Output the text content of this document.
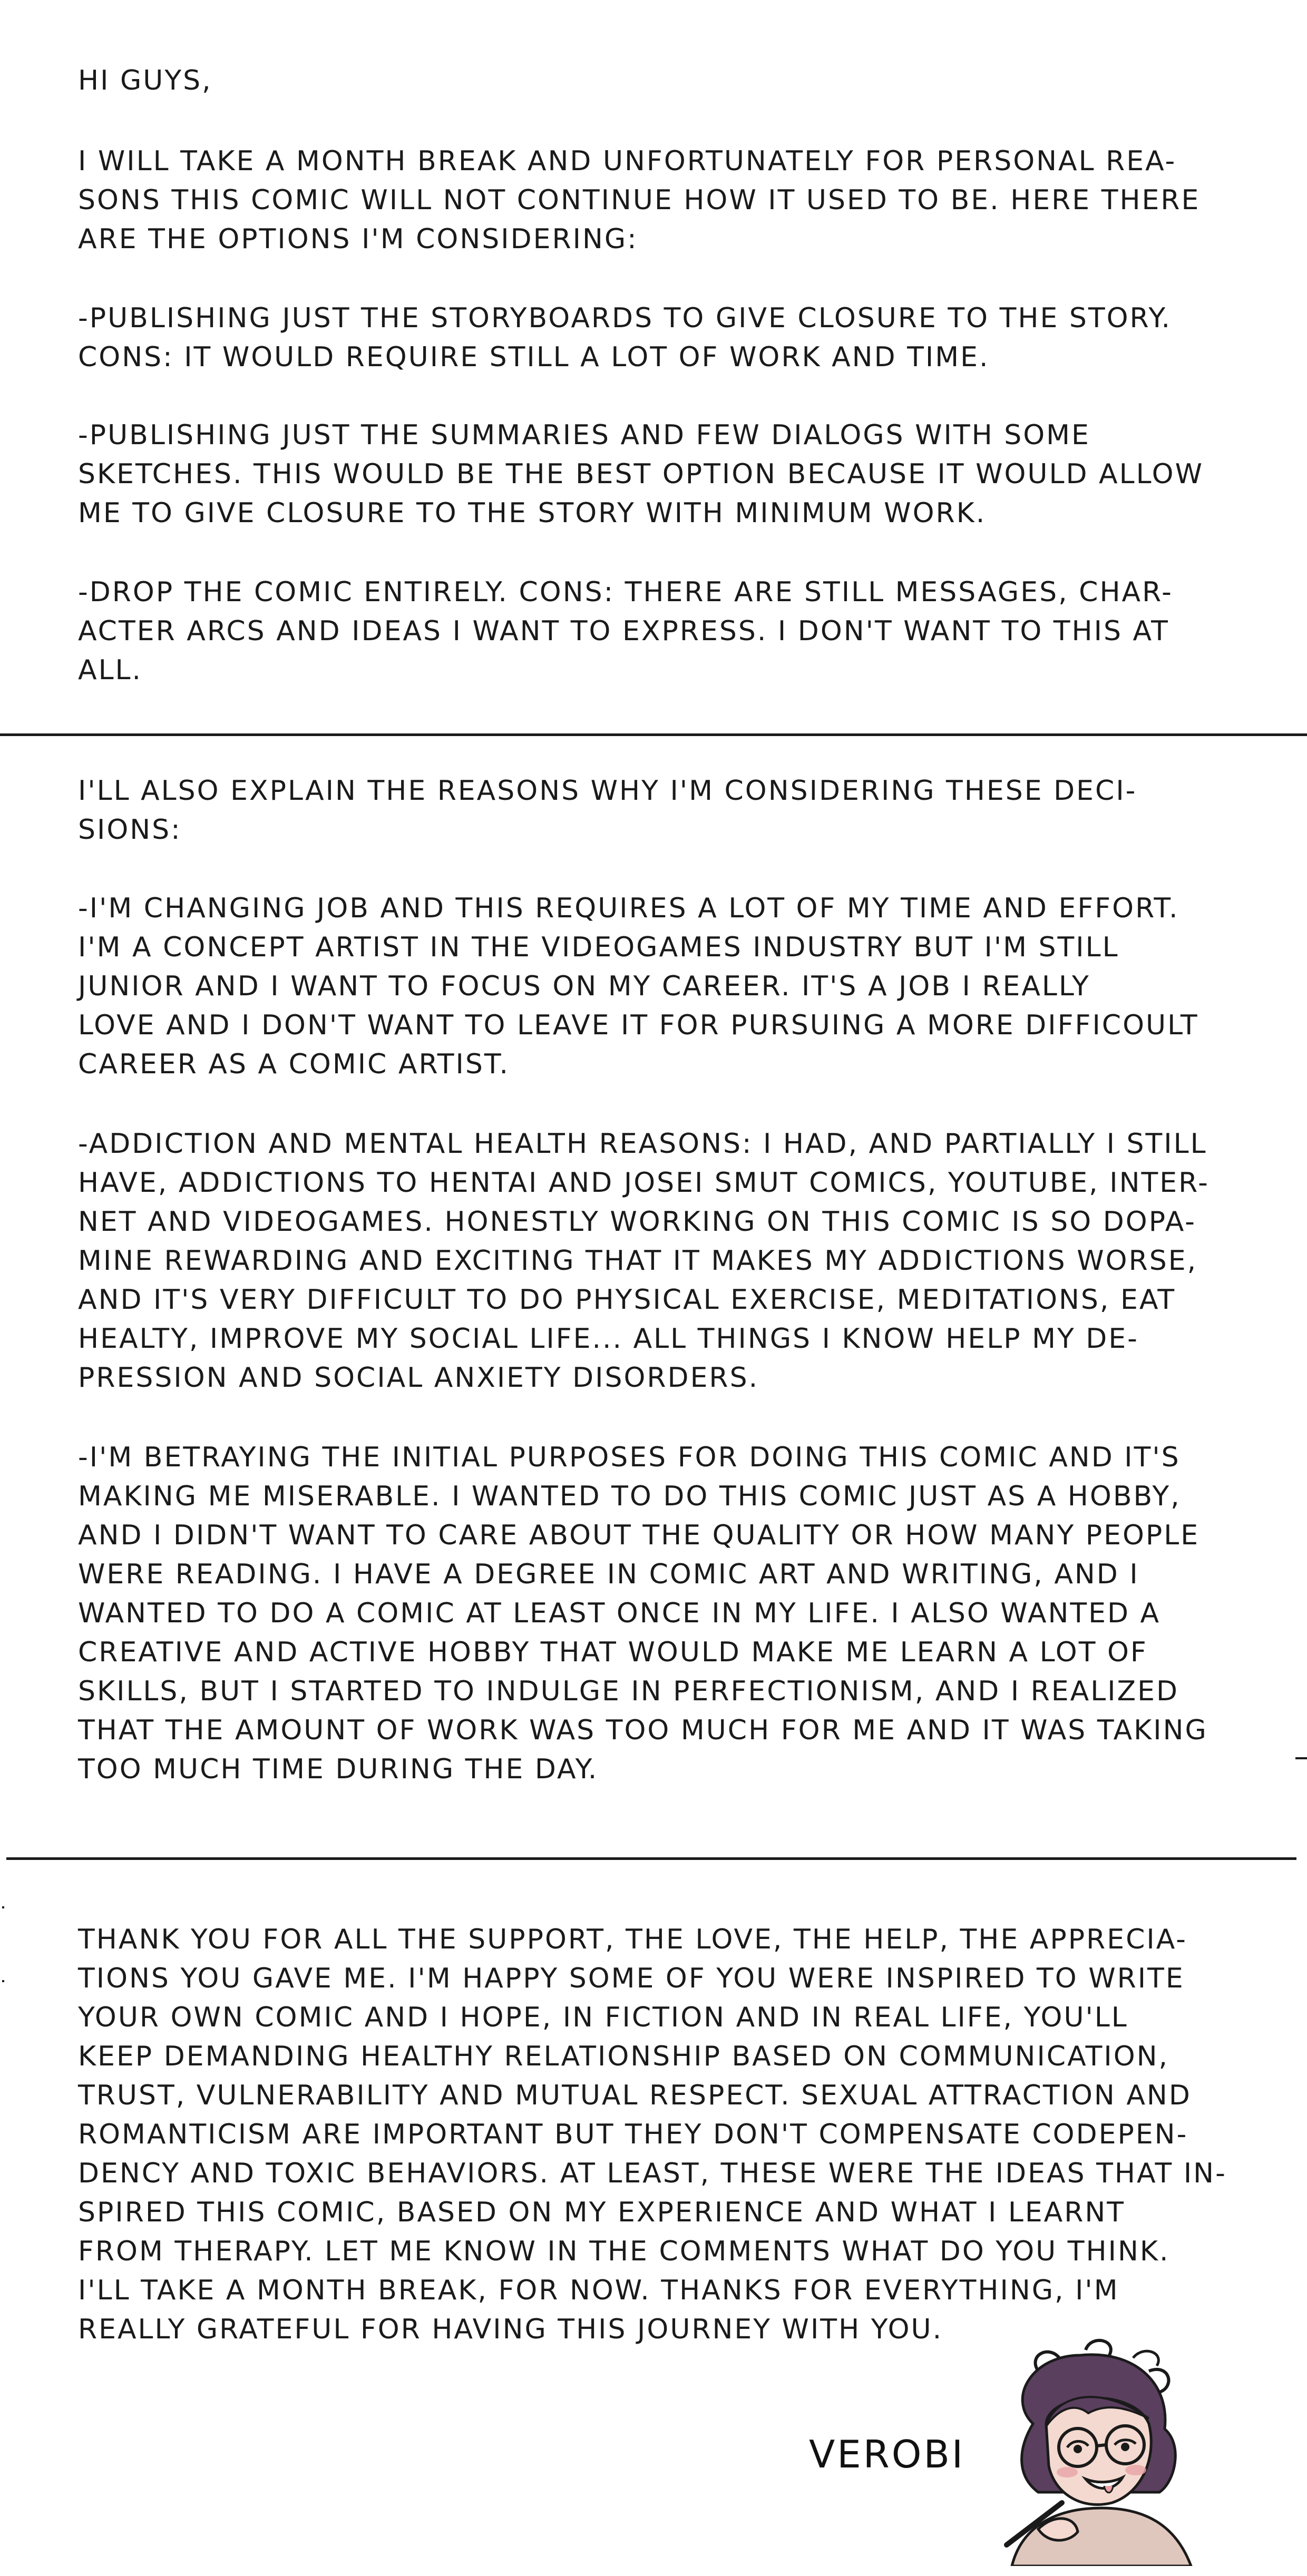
HI GUYS,
I WILL TAKE A MONTH BREAK AND UNFORTUNATELY FOR PERSONAL REA-
SONS THIS COMIC WILL NOT CONTINUE HOW IT USED TO BE. HERE THERE
ARE THE OPTIONS I'M CONSIDERING:
-PUBLISHING JUST THE STORYBOARDS TO GIVE CLOSURE TO THE STORY.
CONS: IT WOULD REQUIRE STILL A LOT OF WORK AND TIME.
-PUBLISHING JUST THE SUMMARIES AND FEW DIALOGS WITH SOME
SKETCHES. THIS WOULD BE THE BEST OPTION BECAUSE IT WOULD ALLOW
ME TO GIVE CLOSURE TO THE STORY WITH MINIMUM WORK.
-DROP THE COMIC ENTIRELY. CONS: THERE ARE STILL MESSAGES, CHAR-
ACTER ARCS AND IDEAS I WANT TO EXPRESS. I DON'T WANT TO THIS AT
ALL.
I'LL ALSO EXPLAIN THE REASONS WHY I'M CONSIDERING THESE DECI-
SIONS:
-I'M CHANGING JOB AND THIS REQUIRES A LOT OF MY TIME AND EFFORT.
I'M A CONCEPT ARTIST IN THE VIDEOGAMES INDUSTRY BUT I'M STILL
JUNIOR AND I WANT TO FOCUS ON MY CAREER. IT'S A JOB I REALLY
LOVE AND I DON'T WANT TO LEAVE IT FOR PURSUING A MORE DIFFICOULT
CAREER AS A COMIC ARTIST.
-ADDICTION AND MENTAL HEALTH REASONS: I HAD, AND PARTIALLY I STILL
HAVE, ADDICTIONS TO HENTAI AND JOSEI SMUT COMICS, YOUTUBE, INTER-
NET AND VIDEOGAMES. HONESTLY WORKING ON THIS COMIC IS SO DOPA-
MINE REWARDING AND EXCITING THAT IT MAKES MY ADDICTIONS WORSE,
AND IT'S VERY DIFFICULT TO DO PHYSICAL EXERCISE, MEDITATIONS, EAT
HEALTY, IMPROVE MY SOCIAL LIFE... ALL THINGS I KNOW HELP MY DE-
PRESSION AND SOCIAL ANXIETY DISORDERS.
-I'M BETRAYING THE INITIAL PURPOSES FOR DOING THIS COMIC AND IT'S
MAKING ME MISERABLE. I WANTED TO DO THIS COMIC JUST AS A HOBBY,
AND I DIDN'T WANT TO CARE ABOUT THE QUALITY OR HOW MANY PEOPLE
WERE READING. I HAVE A DEGREE IN COMIC ART AND WRITING, AND I
WANTED TO DO A COMIC AT LEAST ONCE IN MY LIFE. I ALSO WANTED A
CREATIVE AND ACTIVE HOBBY THAT WOULD MAKE ME LEARN A LOT OF
SKILLS, BUT I STARTED TO INDULGE IN PERFECTIONISM, AND I REALIZED
THAT THE AMOUNT OF WORK WAS TOO MUCH FOR ME AND IT WAS TAKING
TOO MUCH TIME DURING THE DAY.
THANK YOU FOR ALL THE SUPPORT, THE LOVE, THE HELP, THE APPRECIA-
TIONS YOU GAVE ME. I'M HAPPY SOME OF YOU WERE INSPIRED TO WRITE
YOUR OWN COMIC AND I HOPE, IN FICTION AND IN REAL LIFE, YOU'LL
KEEP DEMANDING HEALTHY RELATIONSHIP BASED ON COMMUNICATION,
TRUST, VULNERABILITY AND MUTUAL RESPECT. SEXUAL ATTRACTION AND
ROMANTICISM ARE IMPORTANT BUT THEY DON'T COMPENSATE CODEPEN-
DENCY AND TOXIC BEHAVIORS. AT LEAST, THESE WERE THE IDEAS THAT IN-
SPIRED THIS COMIC, BASED ON MY EXPERIENCE AND WHAT I LEARNT
FROM THERAPY. LET ME KNOW IN THE COMMENTS WHAT DO YOU THINK.
I'LL TAKE A MONTH BREAK, FOR NOW. THANKS FOR EVERYTHING, I'M
REALLY GRATEFUL FOR HAVING THIS JOURNEY WITH YOU.
VEROBI
